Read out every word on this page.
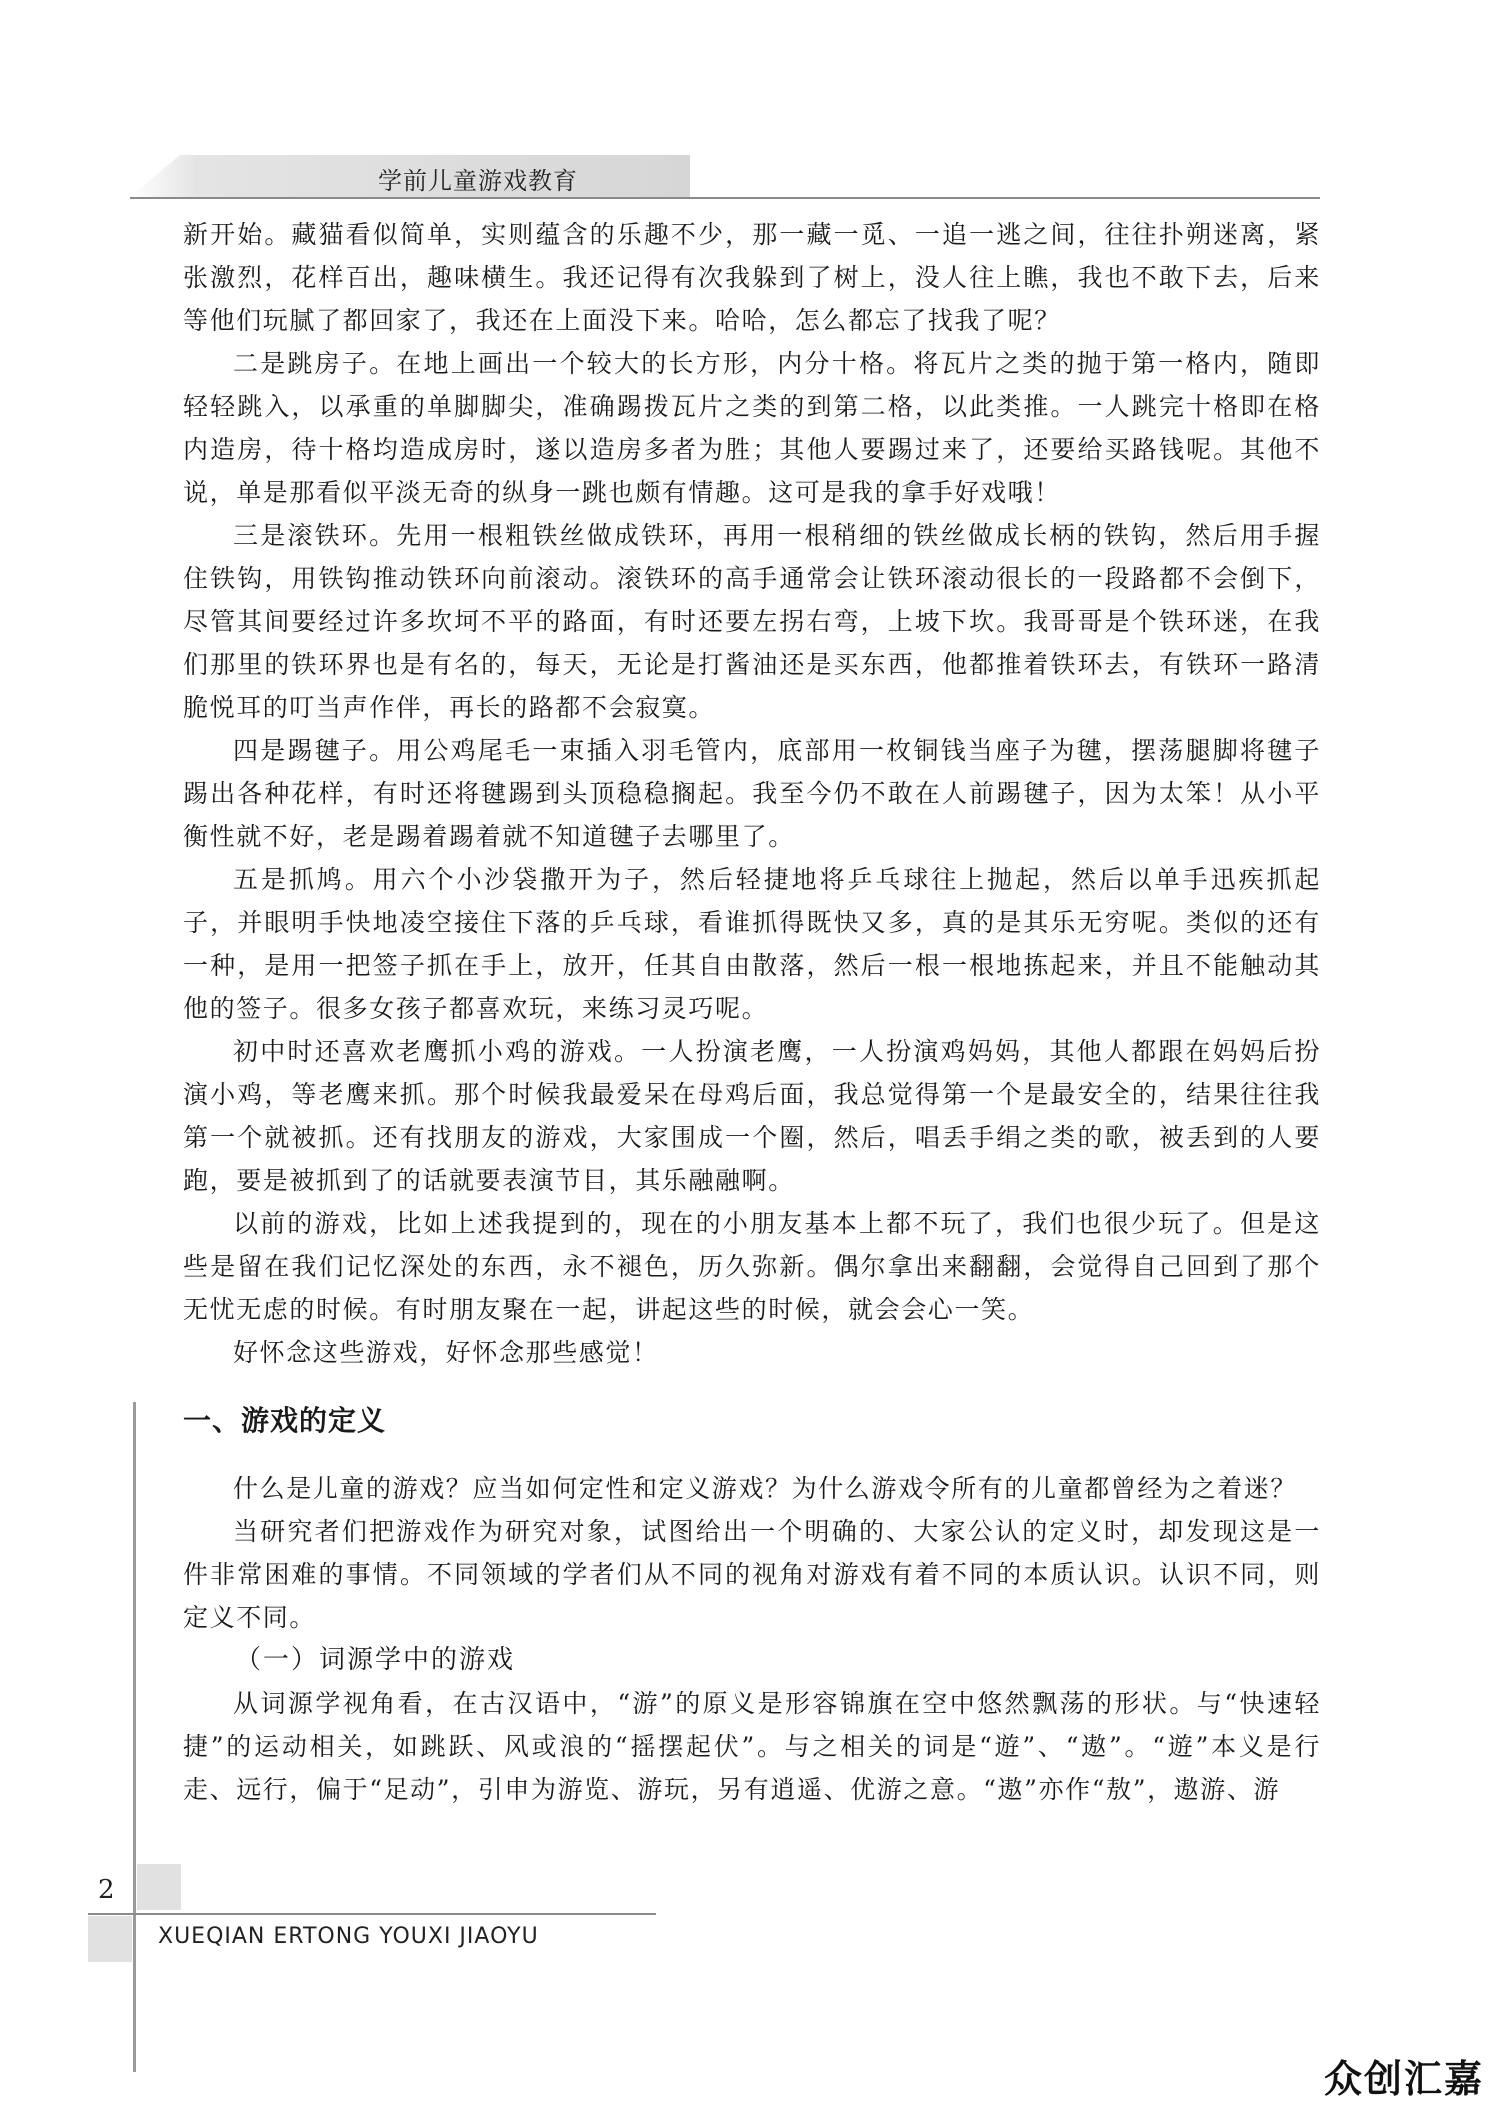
学前儿童游戏教育

新开始。藏猫看似简单，实则蕴含的乐趣不少，那一藏一觅、一追一逃之间，往往扑朔迷离，紧张激烈，花样百出，趣味横生。我还记得有次我躲到了树上，没人往上瞧，我也不敢下去，后来等他们玩腻了都回家了，我还在上面没下来。哈哈，怎么都忘了找我了呢？

二是跳房子。在地上画出一个较大的长方形，内分十格。将瓦片之类的抛于第一格内，随即轻轻跳入，以承重的单脚脚尖，准确踢拨瓦片之类的到第二格，以此类推。一人跳完十格即在格内造房，待十格均造成房时，遂以造房多者为胜；其他人要踢过来了，还要给买路钱呢。其他不说，单是那看似平淡无奇的纵身一跳也颇有情趣。这可是我的拿手好戏哦！

三是滚铁环。先用一根粗铁丝做成铁环，再用一根稍细的铁丝做成长柄的铁钩，然后用手握住铁钩，用铁钩推动铁环向前滚动。滚铁环的高手通常会让铁环滚动很长的一段路都不会倒下，尽管其间要经过许多坎坷不平的路面，有时还要左拐右弯，上坡下坎。我哥哥是个铁环迷，在我们那里的铁环界也是有名的，每天，无论是打酱油还是买东西，他都推着铁环去，有铁环一路清脆悦耳的叮当声作伴，再长的路都不会寂寞。

四是踢毽子。用公鸡尾毛一束插入羽毛管内，底部用一枚铜钱当座子为毽，摆荡腿脚将毽子踢出各种花样，有时还将毽踢到头顶稳稳搁起。我至今仍不敢在人前踢毽子，因为太笨！从小平衡性就不好，老是踢着踢着就不知道毽子去哪里了。

五是抓鸠。用六个小沙袋撒开为子，然后轻捷地将乒乓球往上抛起，然后以单手迅疾抓起子，并眼明手快地凌空接住下落的乒乓球，看谁抓得既快又多，真的是其乐无穷呢。类似的还有一种，是用一把签子抓在手上，放开，任其自由散落，然后一根一根地拣起来，并且不能触动其他的签子。很多女孩子都喜欢玩，来练习灵巧呢。

初中时还喜欢老鹰抓小鸡的游戏。一人扮演老鹰，一人扮演鸡妈妈，其他人都跟在妈妈后扮演小鸡，等老鹰来抓。那个时候我最爱呆在母鸡后面，我总觉得第一个是最安全的，结果往往我第一个就被抓。还有找朋友的游戏，大家围成一个圈，然后，唱丢手绢之类的歌，被丢到的人要跑，要是被抓到了的话就要表演节目，其乐融融啊。

以前的游戏，比如上述我提到的，现在的小朋友基本上都不玩了，我们也很少玩了。但是这些是留在我们记忆深处的东西，永不褪色，历久弥新。偶尔拿出来翻翻，会觉得自己回到了那个无忧无虑的时候。有时朋友聚在一起，讲起这些的时候，就会会心一笑。

好怀念这些游戏，好怀念那些感觉！

一、游戏的定义

什么是儿童的游戏？应当如何定性和定义游戏？为什么游戏令所有的儿童都曾经为之着迷？

当研究者们把游戏作为研究对象，试图给出一个明确的、大家公认的定义时，却发现这是一件非常困难的事情。不同领域的学者们从不同的视角对游戏有着不同的本质认识。认识不同，则定义不同。

（一）词源学中的游戏

从词源学视角看，在古汉语中，“游”的原义是形容锦旗在空中悠然飘荡的形状。与“快速轻捷”的运动相关，如跳跃、风或浪的“摇摆起伏”。与之相关的词是“遊”、“遨”。“遊”本义是行走、远行，偏于“足动”，引申为游览、游玩，另有逍遥、优游之意。“遨”亦作“敖”，遨游、游

2
XUEQIAN ERTONG YOUXI JIAOYU
众创汇嘉
